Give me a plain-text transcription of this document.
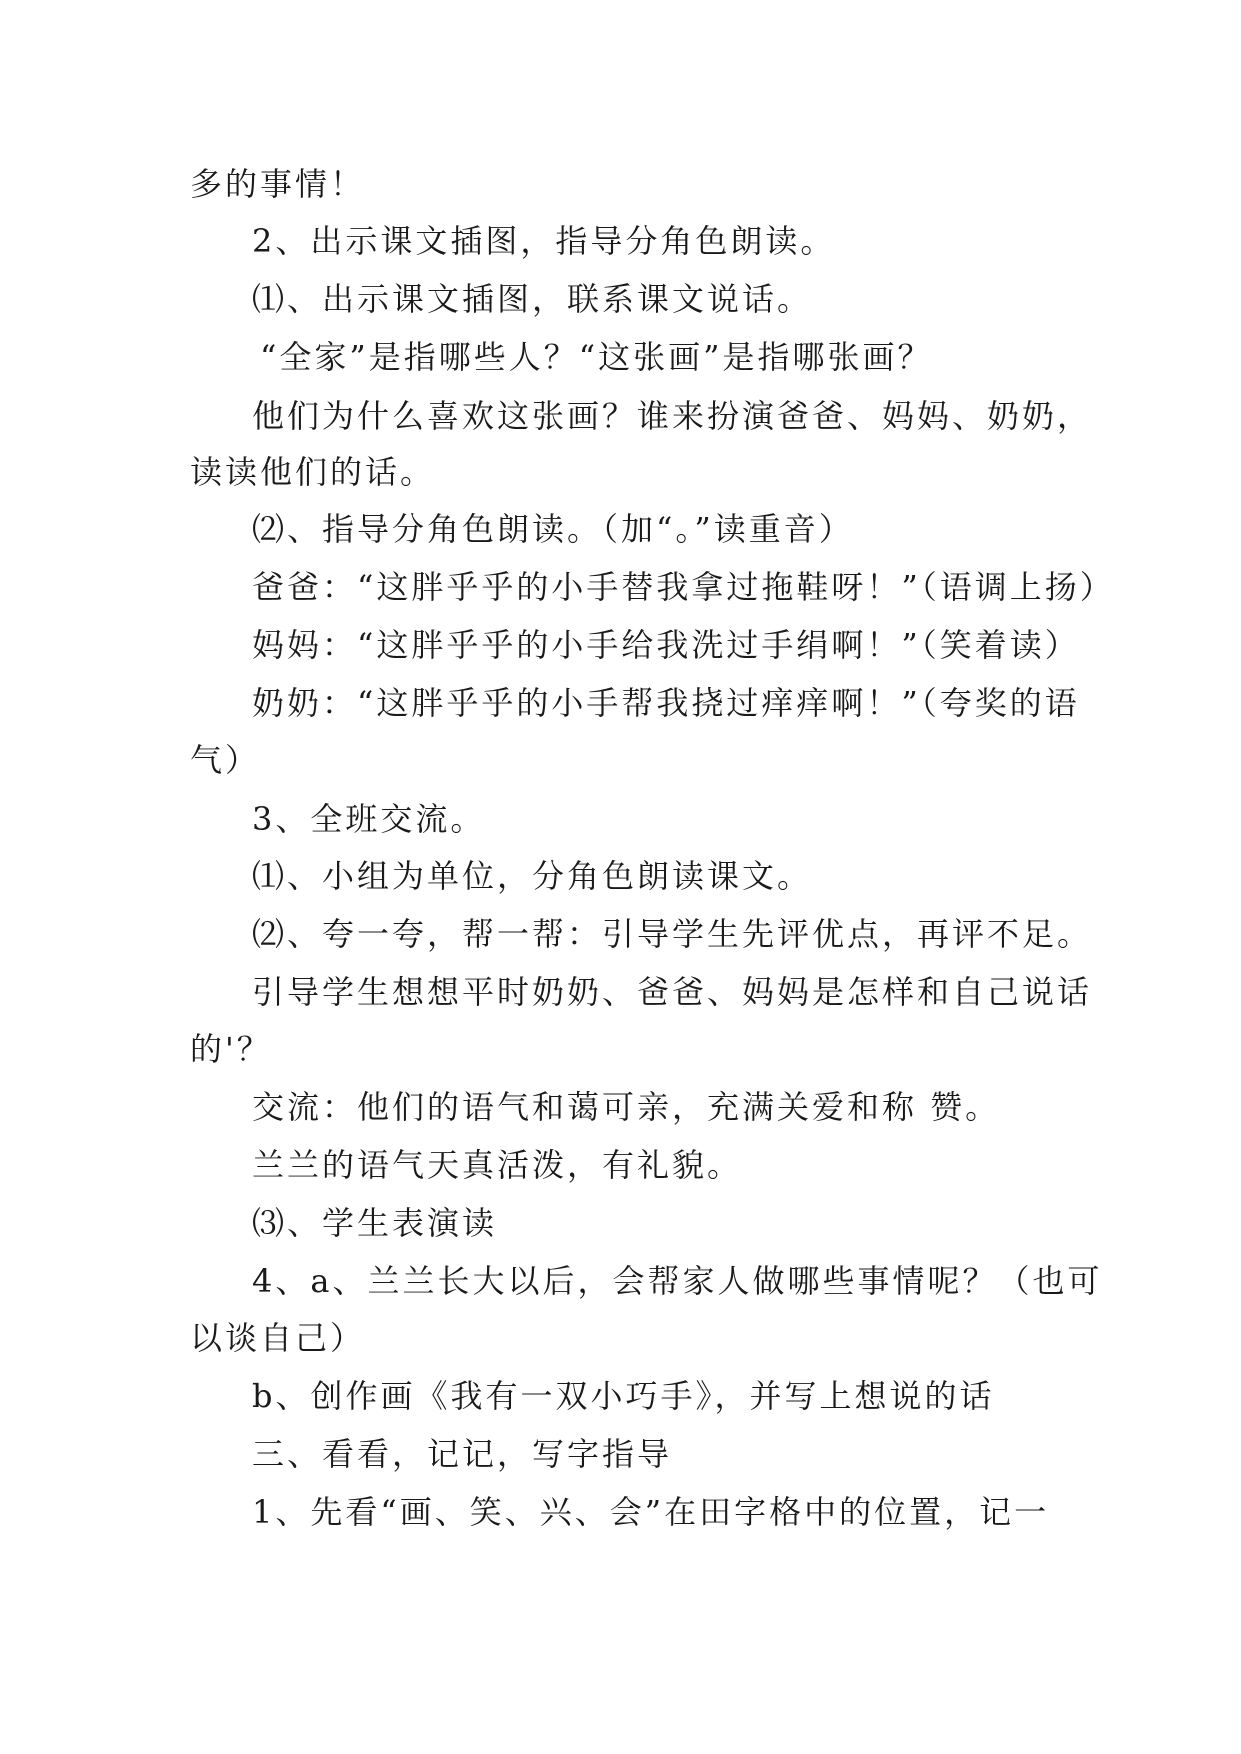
多的事情！
2、出示课文插图，指导分角色朗读。
⑴、出示课文插图，联系课文说话。
“全家”是指哪些人？“这张画”是指哪张画？
他们为什么喜欢这张画？谁来扮演爸爸、妈妈、奶奶，
读读他们的话。
⑵、指导分角色朗读。（加“。”读重音）
爸爸：“这胖乎乎的小手替我拿过拖鞋呀！”（语调上扬）
妈妈：“这胖乎乎的小手给我洗过手绢啊！”（笑着读）
奶奶：“这胖乎乎的小手帮我挠过痒痒啊！”（夸奖的语
气）
3、全班交流。
⑴、小组为单位，分角色朗读课文。
⑵、夸一夸，帮一帮：引导学生先评优点，再评不足。
引导学生想想平时奶奶、爸爸、妈妈是怎样和自己说话
的'？
交流：他们的语气和蔼可亲，充满关爱和称 赞。
兰兰的语气天真活泼，有礼貌。
⑶、学生表演读
4、a、兰兰长大以后，会帮家人做哪些事情呢？（也可
以谈自己）
b、创作画《我有一双小巧手》，并写上想说的话
三、看看，记记，写字指导
1、先看“画、笑、兴、会”在田字格中的位置，记一
